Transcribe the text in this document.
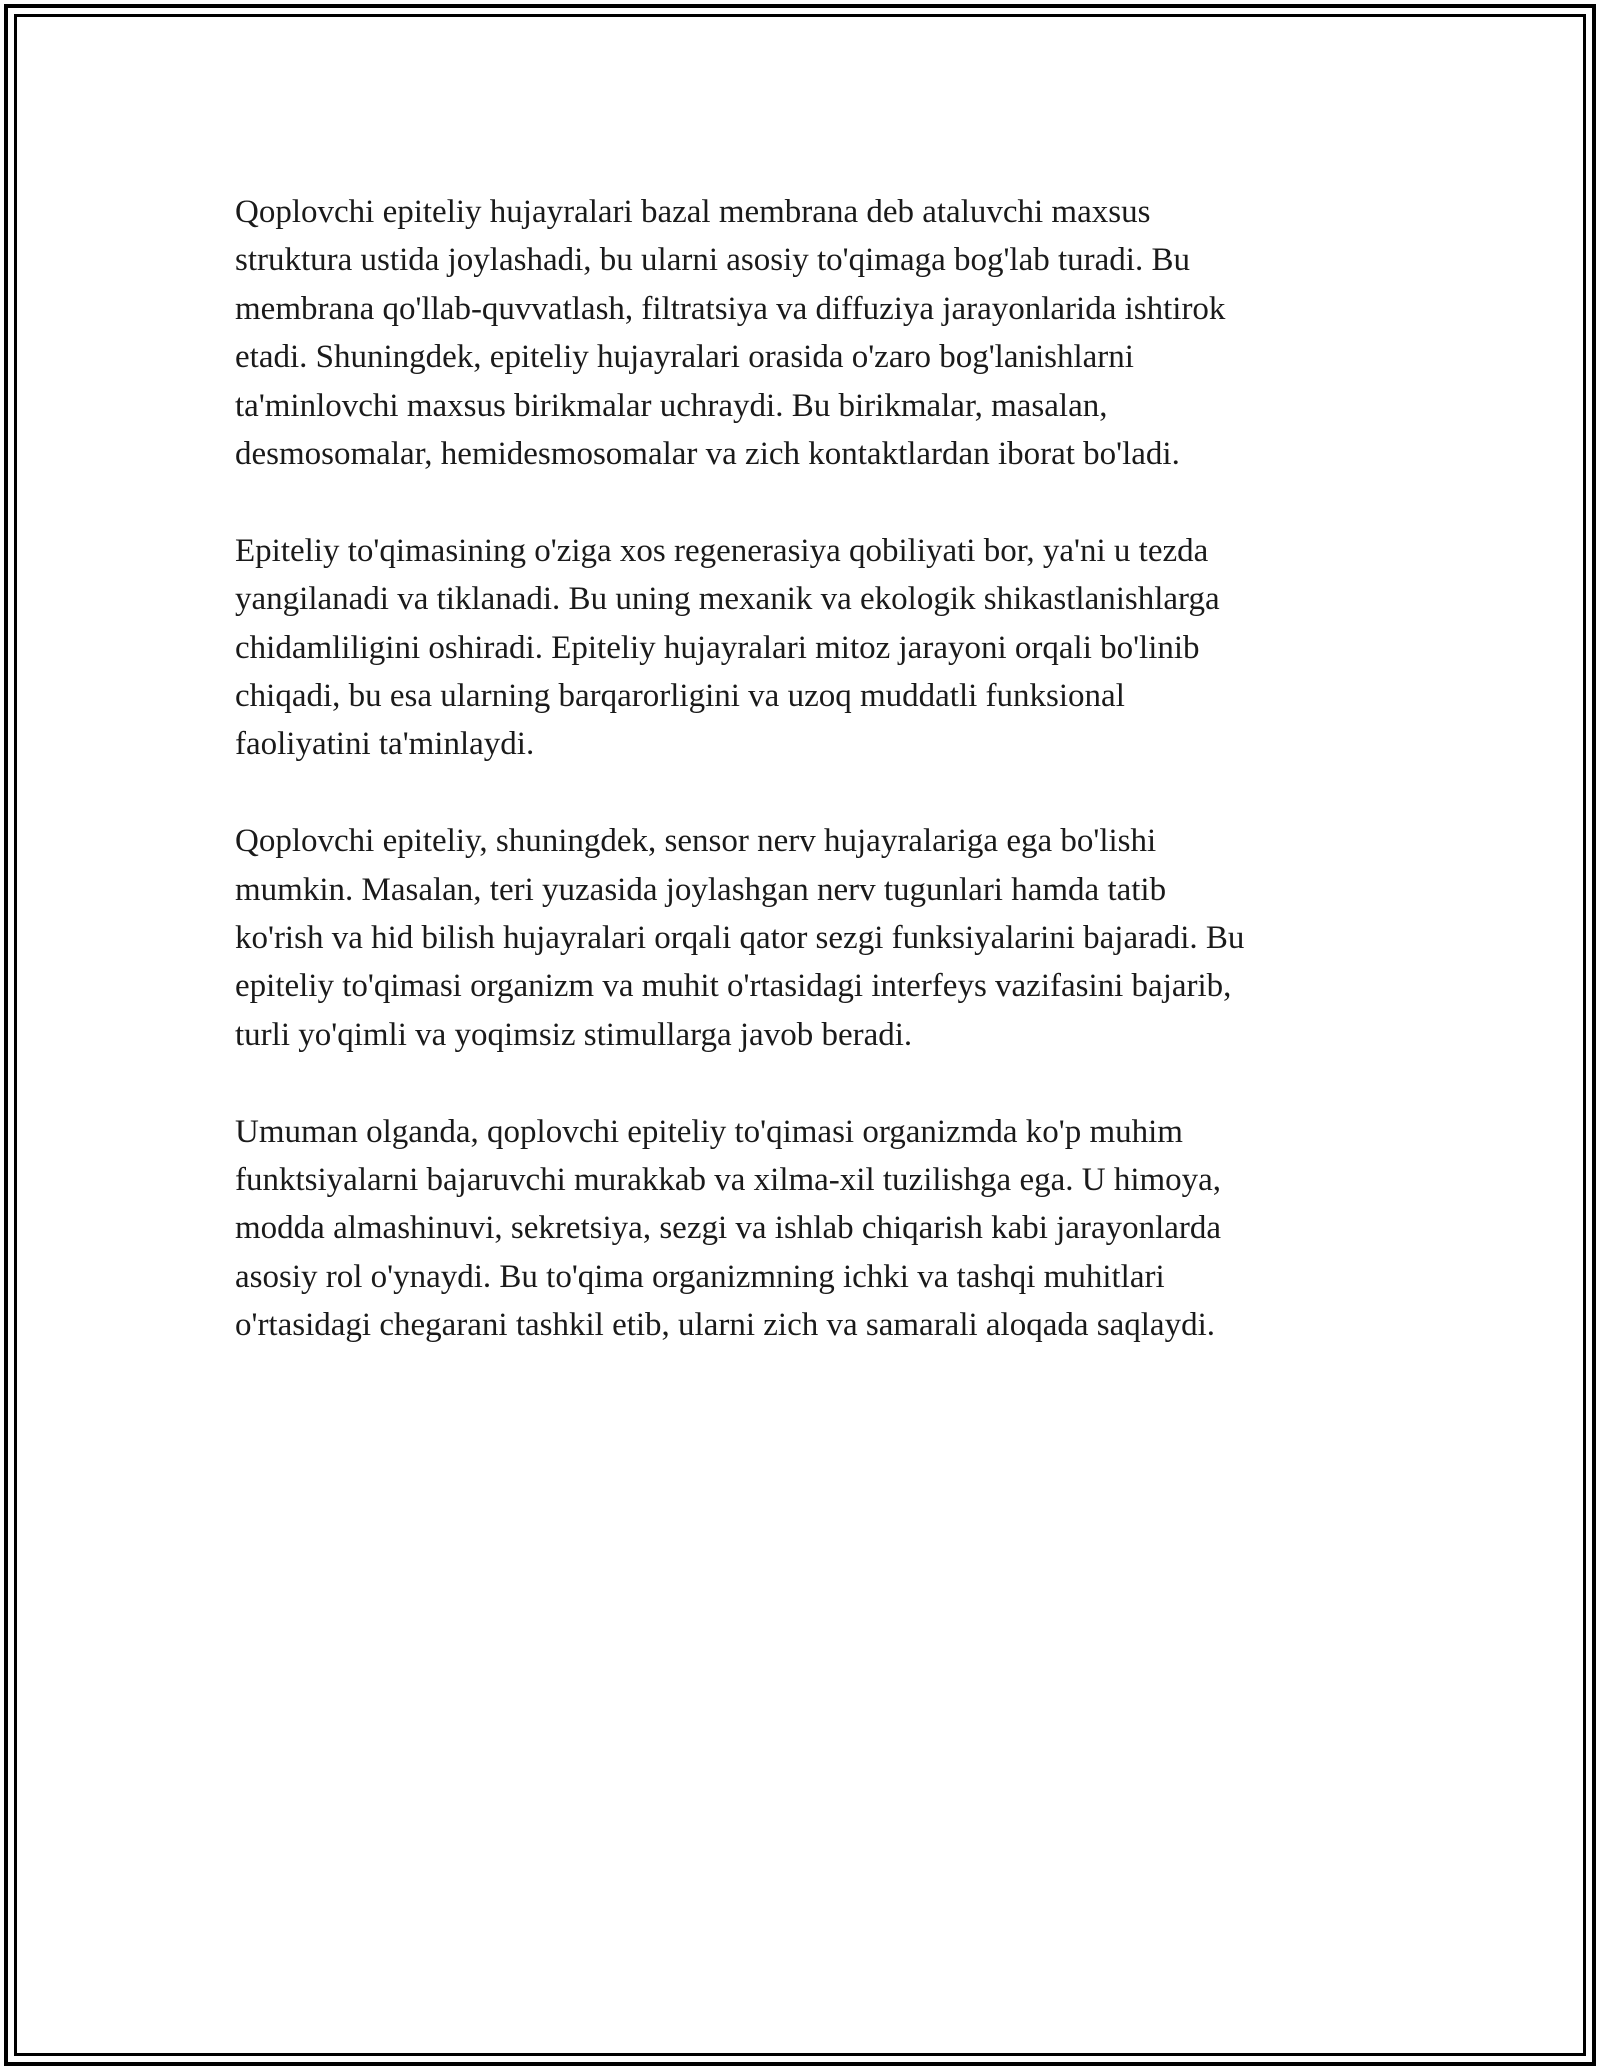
Qoplovchi epiteliy hujayralari bazal membrana deb ataluvchi maxsus
struktura ustida joylashadi, bu ularni asosiy to'qimaga bog'lab turadi. Bu
membrana qo'llab-quvvatlash, filtratsiya va diffuziya jarayonlarida ishtirok
etadi. Shuningdek, epiteliy hujayralari orasida o'zaro bog'lanishlarni
ta'minlovchi maxsus birikmalar uchraydi. Bu birikmalar, masalan,
desmosomalar, hemidesmosomalar va zich kontaktlardan iborat bo'ladi.

Epiteliy to'qimasining o'ziga xos regenerasiya qobiliyati bor, ya'ni u tezda
yangilanadi va tiklanadi. Bu uning mexanik va ekologik shikastlanishlarga
chidamliligini oshiradi. Epiteliy hujayralari mitoz jarayoni orqali bo'linib
chiqadi, bu esa ularning barqarorligini va uzoq muddatli funksional
faoliyatini ta'minlaydi.

Qoplovchi epiteliy, shuningdek, sensor nerv hujayralariga ega bo'lishi
mumkin. Masalan, teri yuzasida joylashgan nerv tugunlari hamda tatib
ko'rish va hid bilish hujayralari orqali qator sezgi funksiyalarini bajaradi. Bu
epiteliy to'qimasi organizm va muhit o'rtasidagi interfeys vazifasini bajarib,
turli yo'qimli va yoqimsiz stimullarga javob beradi.

Umuman olganda, qoplovchi epiteliy to'qimasi organizmda ko'p muhim
funktsiyalarni bajaruvchi murakkab va xilma-xil tuzilishga ega. U himoya,
modda almashinuvi, sekretsiya, sezgi va ishlab chiqarish kabi jarayonlarda
asosiy rol o'ynaydi. Bu to'qima organizmning ichki va tashqi muhitlari
o'rtasidagi chegarani tashkil etib, ularni zich va samarali aloqada saqlaydi.
